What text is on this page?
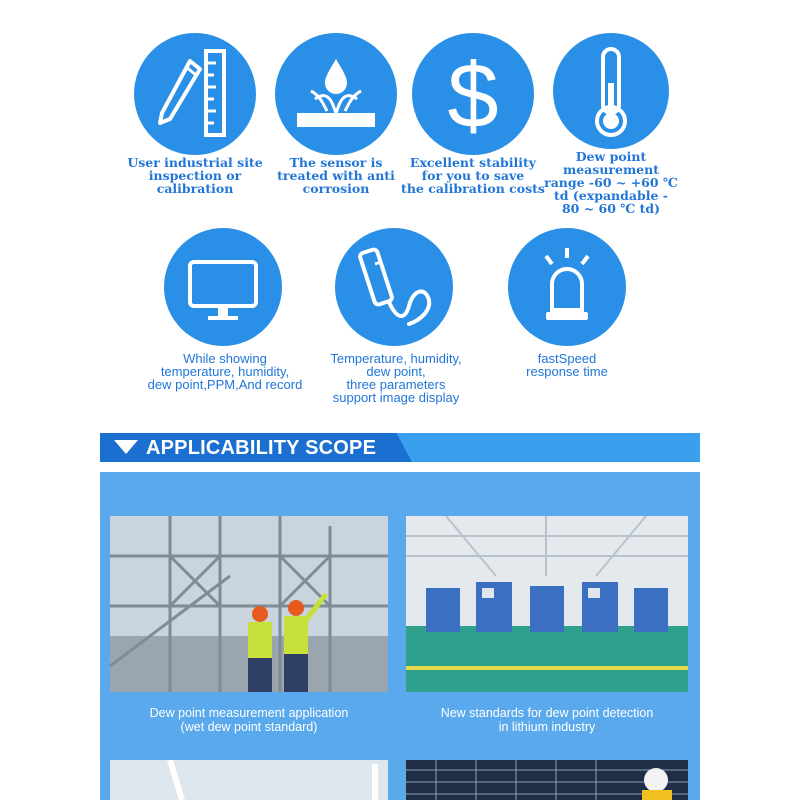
User industrial site
inspection or
calibration
The sensor is
treated with anti
corrosion
$
Excellent stability
for you to save
the calibration costs
Dew point
measurement
range -60 ~ +60 ℃
td (expandable -
80 ~ 60 ℃ td)
While showing
temperature, humidity,
dew point,PPM,And record
Temperature, humidity,
dew point,
three parameters
support image display
fastSpeed
response time
APPLICABILITY SCOPE
Dew point measurement application
(wet dew point standard)
New standards for dew point detection
in lithium industry
